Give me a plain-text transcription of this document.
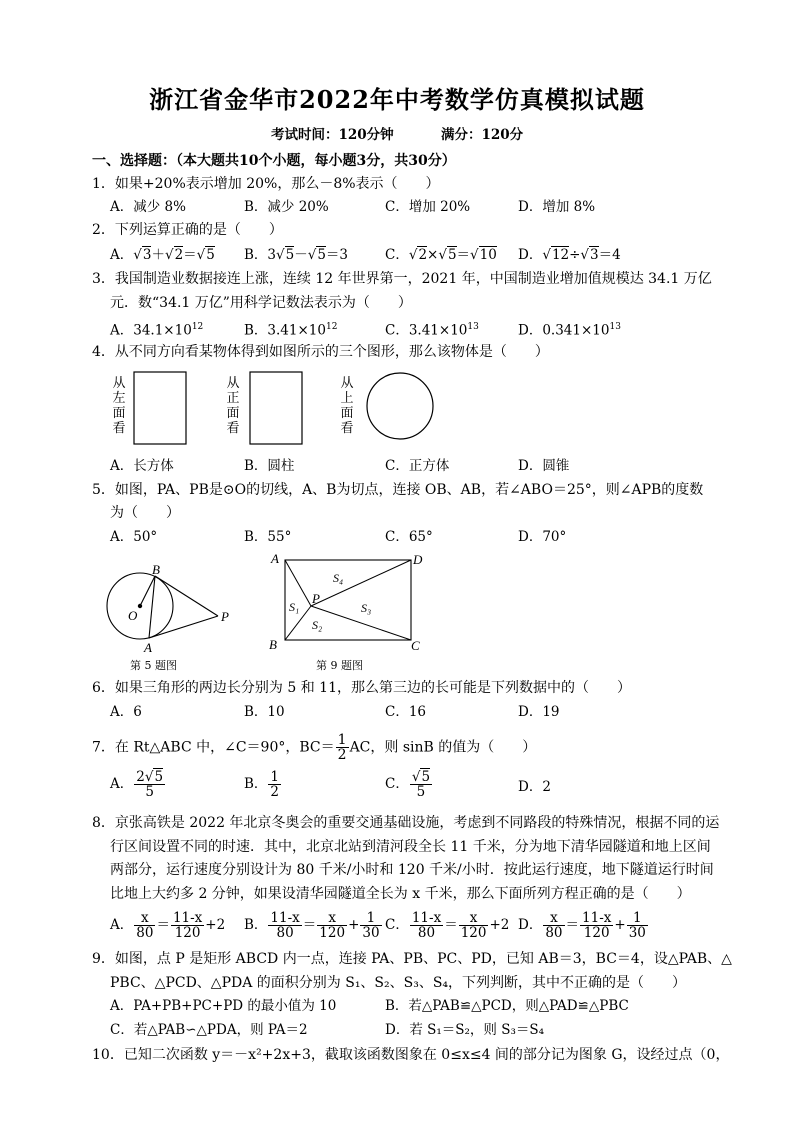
浙江省金华市2022年中考数学仿真模拟试题
考试时间：120分钟	满分：120分
一、选择题：（本大题共10个小题，每小题3分，共30分）
1．如果+20%表示增加 20%，那么－8%表示（　　）
A．减少 8%	B．减少 20%	C．增加 20%	D．增加 8%
2．下列运算正确的是（　　）
A．√3＋√2＝√5 B．3√5－√5＝3	C．√2×√5＝√10 D．√12÷√3＝4
3．我国制造业数据接连上涨，连续 12 年世界第一，2021 年，中国制造业增加值规模达 34.1 万亿
元．数“34.1 万亿”用科学记数法表示为（　　）
A．$34.1\times 10^{12}$	B．$3.41\times 10^{12}$	C．$3.41\times 10^{13}$	D．$0.341\times 10^{13}$
4．从不同方向看某物体得到如图所示的三个图形，那么该物体是（　　）
从
左
面
看
从
正
面
看
从
上
面
看
A．长方体	B．圆柱	C．正方体	D．圆锥
5．如图，PA、PB是⊙O的切线，A、B为切点，连接 OB、AB，若∠ABO＝25°，则∠APB的度数
为（　　）
A．50°	B．55°	C．65°	D．70°
B
O	P
A
第 5 题图
A	D
B	C
P
S₄
S₁	S₃
S₂
第 9 题图
6．如果三角形的两边长分别为 5 和 11，那么第三边的长可能是下列数据中的（　　）
A．6	B．10	C．16	D．19
7．在 Rt△ABC 中，∠C＝90°，$BC= \frac{1}{2}$ AC，则 sinB 的值为（　　）
A． $\frac{2√5}{5}$	B． $\frac{1}{2}$	C． $\frac{√5}{5}$	D．2
8．京张高铁是 2022 年北京冬奥会的重要交通基础设施，考虑到不同路段的特殊情况，根据不同的运
行区间设置不同的时速．其中，北京北站到清河段全长 11 千米，分为地下清华园隧道和地上区间
两部分，运行速度分别设计为 80 千米/小时和 120 千米/小时．按此运行速度，地下隧道运行时间
比地上大约多 2 分钟，如果设清华园隧道全长为 x 千米，那么下面所列方程正确的是（　　）
A． $\frac{x}{80} = \frac{11-x}{120} +2$ B． $\frac{11-x}{80} = \frac{x}{120} + \frac{1}{30}$ C． $\frac{11-x}{80} = \frac{x}{120} +2$ D． $\frac{x}{80} = \frac{11-x}{120} + \frac{1}{30}$
9．如图，点 P 是矩形 ABCD 内一点，连接 PA、PB、PC、PD，已知 AB＝3，BC＝4，设△PAB、△
PBC、△PCD、△PDA 的面积分别为 S₁、S₂、S₃、S₄，下列判断，其中不正确的是（　　）
A．PA+PB+PC+PD 的最小值为 10	B．若△PAB≌△PCD，则△PAD≌△PBC
C．若△PAB∽△PDA，则 PA＝2	D．若 S₁＝S₂，则 S₃＝S₄
10．已知二次函数 y＝－x²+2x+3，截取该函数图象在 0≤x≤4 间的部分记为图象 G，设经过点（0，
